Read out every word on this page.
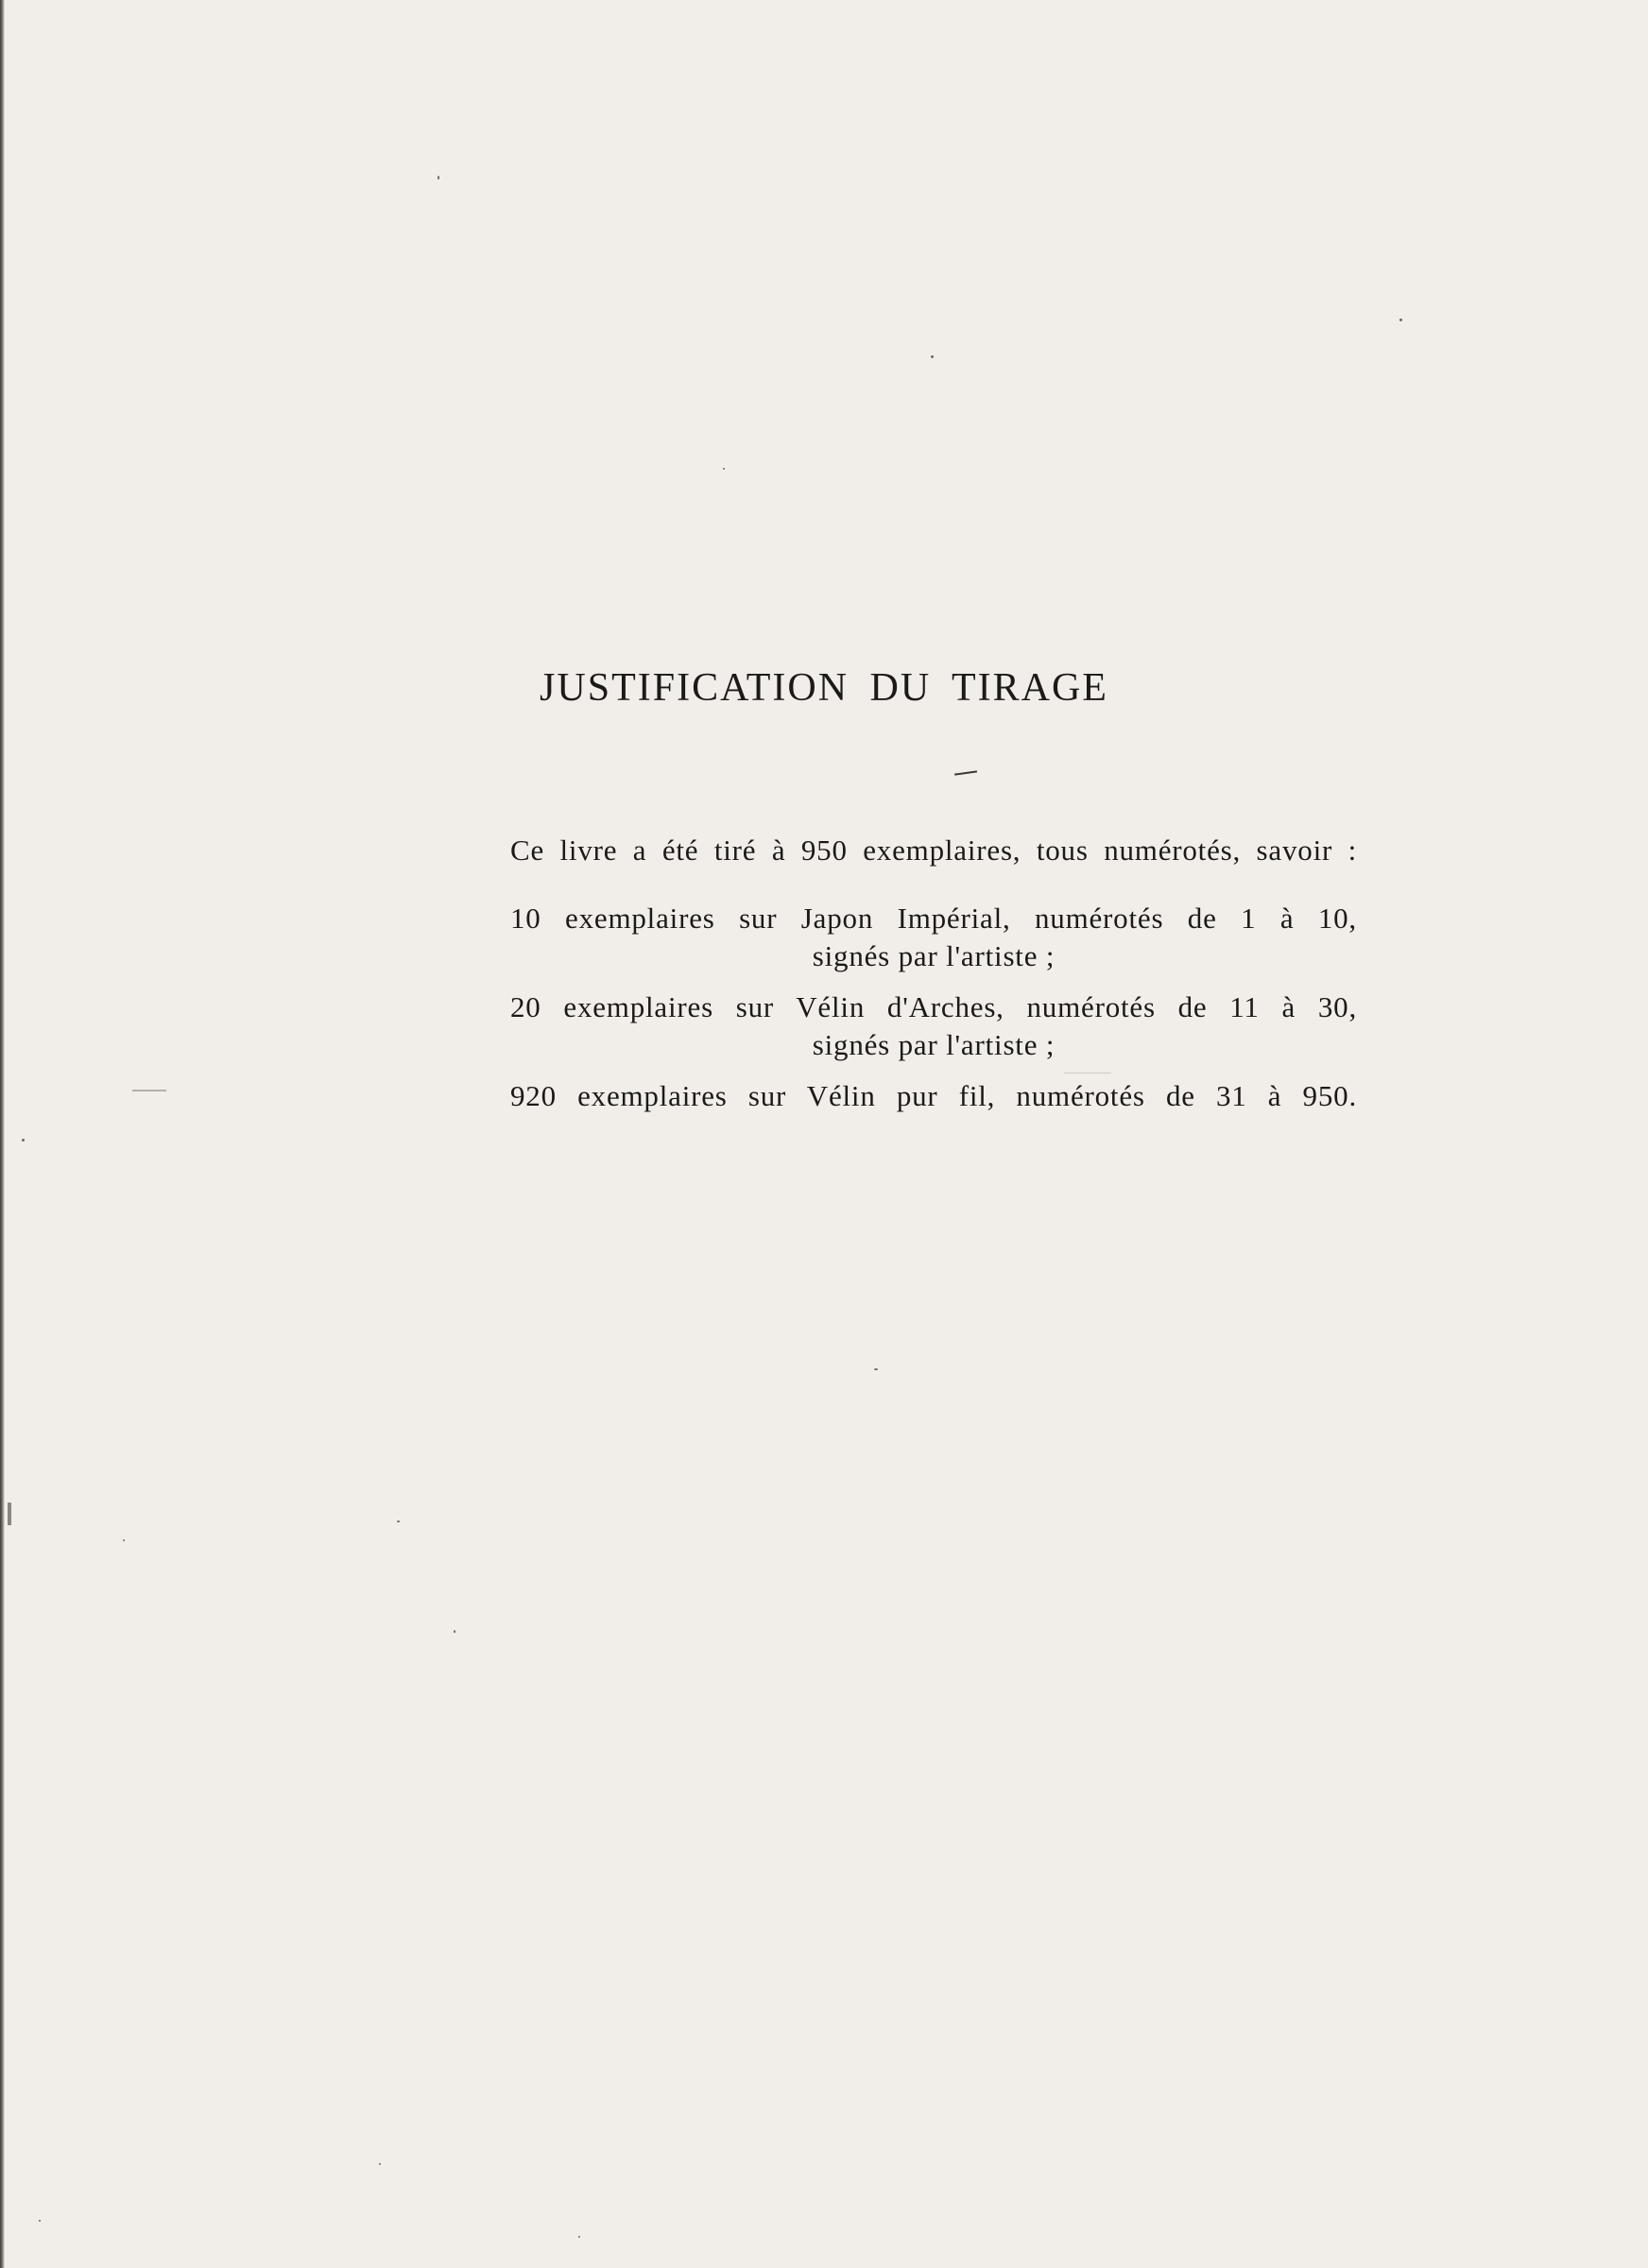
JUSTIFICATION DU TIRAGE
Ce livre a été tiré à 950 exemplaires, tous numérotés, savoir :
10 exemplaires sur Japon Impérial, numérotés de 1 à 10,
signés par l'artiste ;
20 exemplaires sur Vélin d'Arches, numérotés de 11 à 30,
signés par l'artiste ;
920 exemplaires sur Vélin pur fil, numérotés de 31 à 950.
